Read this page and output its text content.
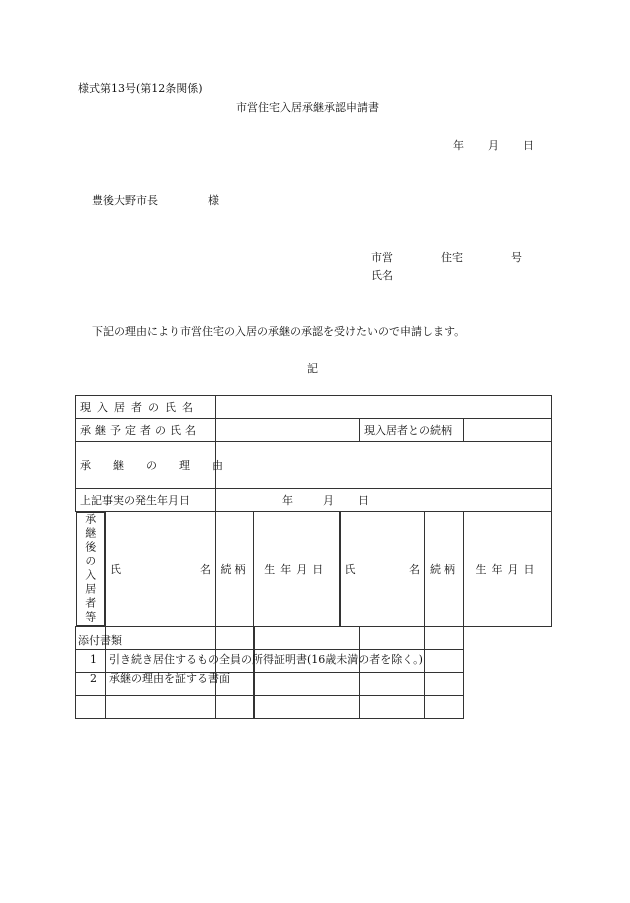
様式第13号(第12条関係)
市営住宅入居承継承認申請書
年 月 日
豊後大野市長	様
市営	住宅	号
氏名
下記の理由により市営住宅の入居の承継の承認を受けたいので申請します。
記
現入居者の氏名							

承継予定者の氏名					現入居者との続柄		

承継の理由							

上記事実の発生年月日		年 月 日					

承継後の入居者等 氏 名	続柄	生年月日	氏 名		続柄	生年月日

添付書類
1 引き続き居住するもの全員の所得証明書(16歳未満の者を除く。)
2 承継の理由を証する書面
